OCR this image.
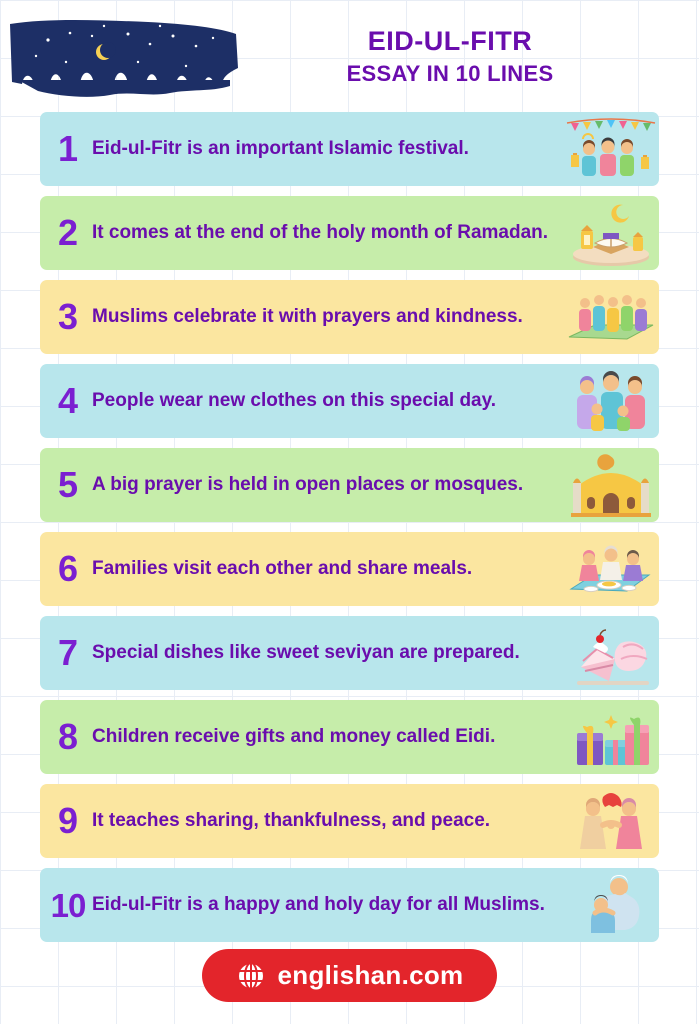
EID-UL-FITR
ESSAY IN 10 LINES
1 Eid-ul-Fitr is an important Islamic festival.
2 It comes at the end of the holy month of Ramadan.
3 Muslims celebrate it with prayers and kindness.
4 People wear new clothes on this special day.
5 A big prayer is held in open places or mosques.
6 Families visit each other and share meals.
7 Special dishes like sweet seviyan are prepared.
8 Children receive gifts and money called Eidi.
9 It teaches sharing, thankfulness, and peace.
10 Eid-ul-Fitr is a happy and holy day for all Muslims.
englishan.com
